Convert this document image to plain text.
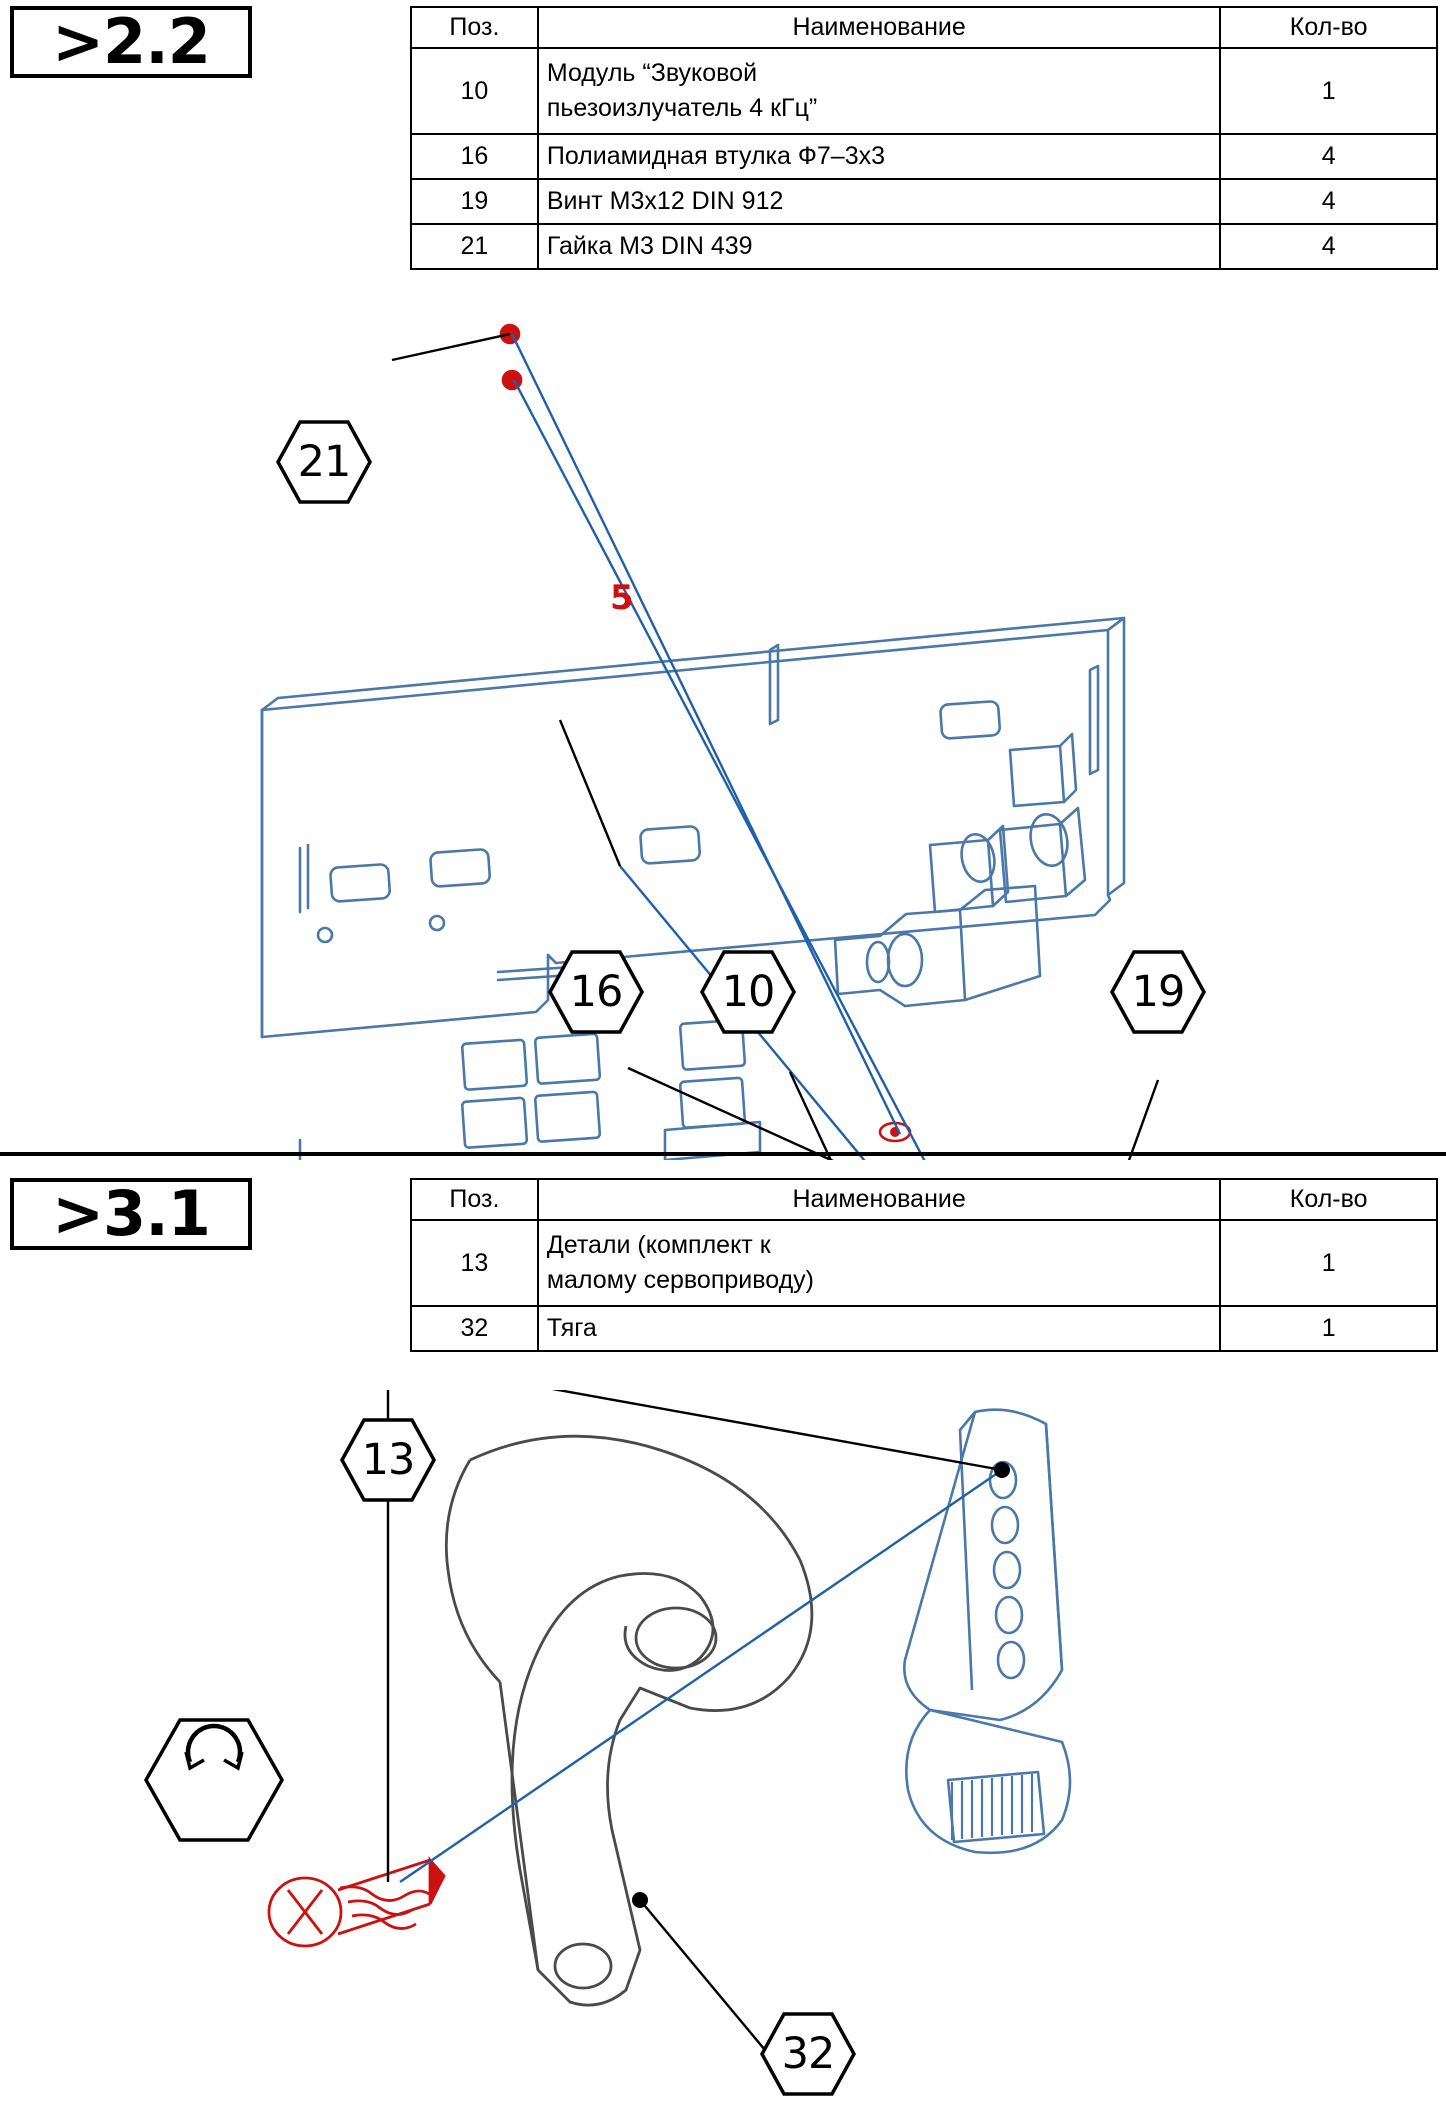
>2.2	Поз.	Наименование	Кол-во
10	Модуль “Звуковой
пьезоизлучатель 4 кГц”	1
16	Полиамидная втулка Ф7–3х3	4
19	Винт М3х12 DIN 912	4
21	Гайка М3 DIN 439	4
5
21
16 10	19
>3.1	Поз.	Наименование	Кол-во
13	Детали (комплект к
малому сервоприводу)	1
32	Тяга	1
13
32
